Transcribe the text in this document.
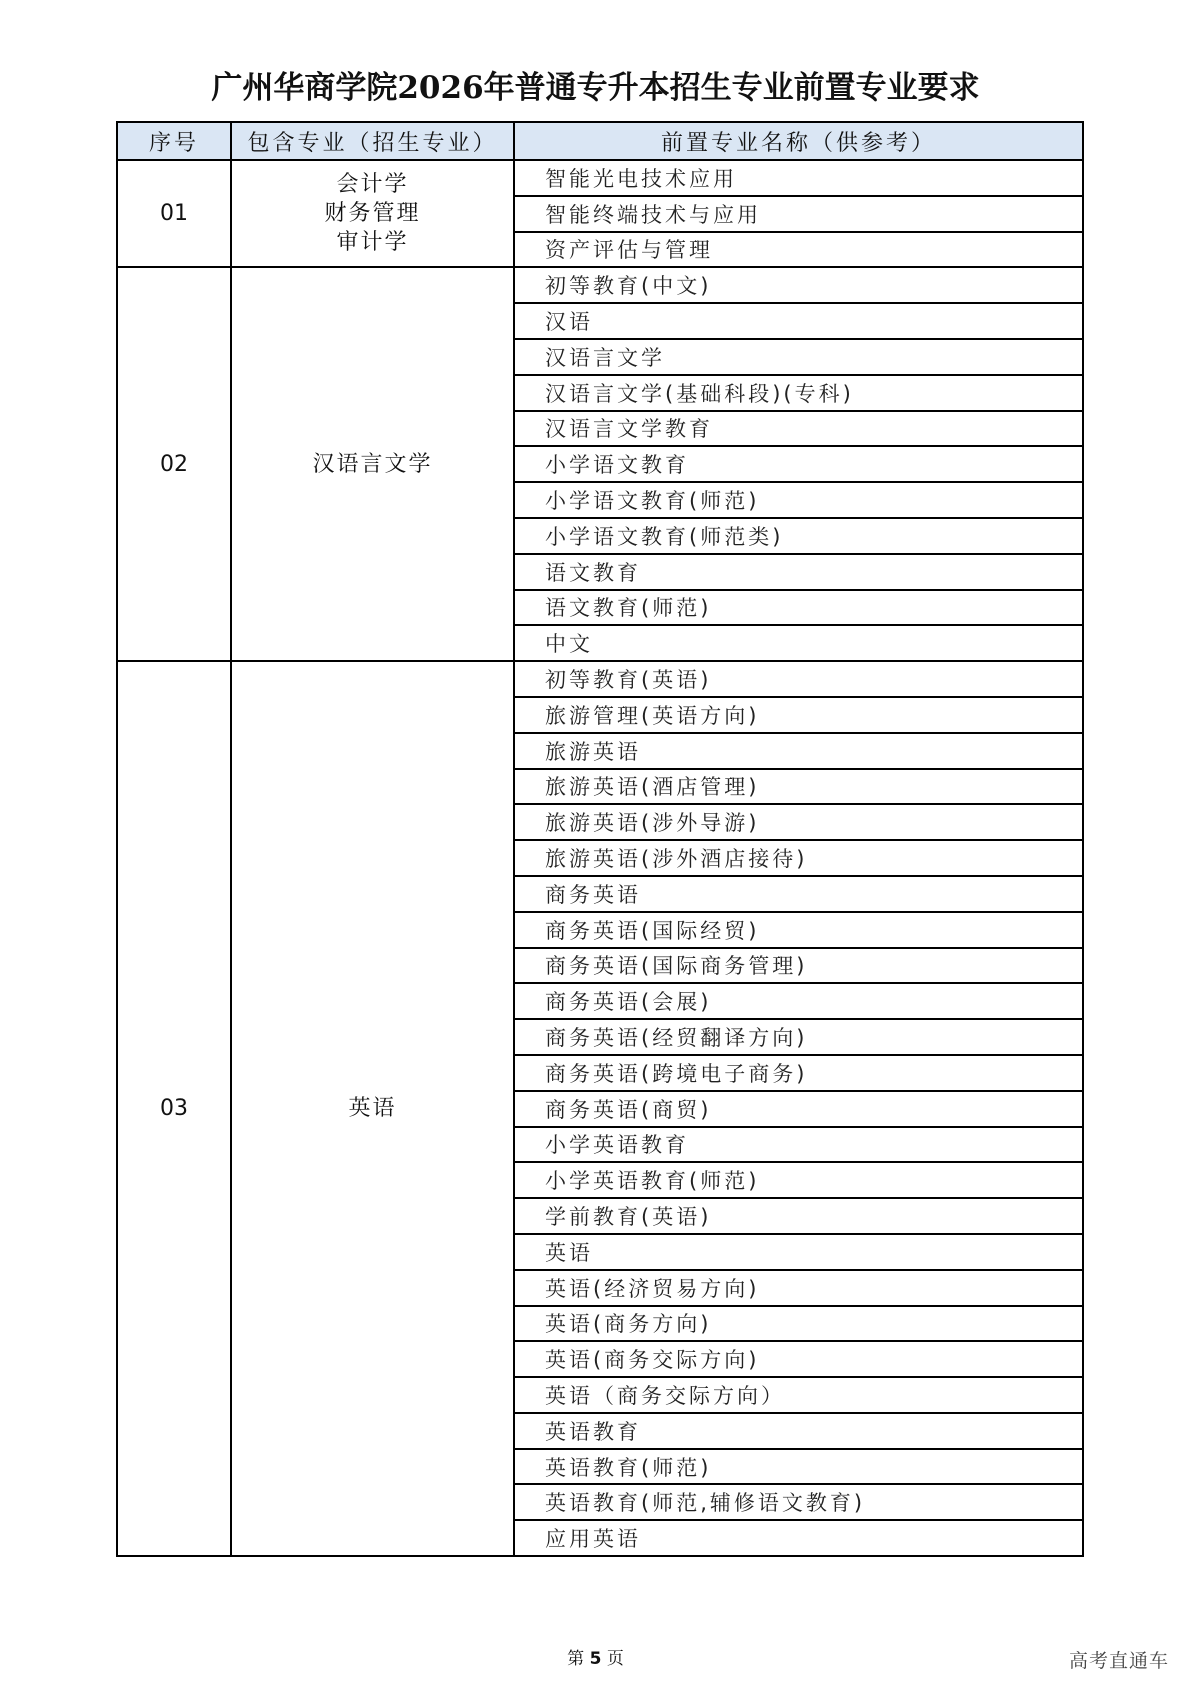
广州华商学院2026年普通专升本招生专业前置专业要求
序号	包含专业（招生专业）	前置专业名称（供参考）
01	会计学
财务管理
审计学	智能光电技术应用
		智能终端技术与应用
		资产评估与管理
02	汉语言文学	初等教育(中文)
		汉语
		汉语言文学
		汉语言文学(基础科段)(专科)
		汉语言文学教育
		小学语文教育
		小学语文教育(师范)
		小学语文教育(师范类)
		语文教育
		语文教育(师范)
		中文
03	英语	初等教育(英语)
		旅游管理(英语方向)
		旅游英语
		旅游英语(酒店管理)
		旅游英语(涉外导游)
		旅游英语(涉外酒店接待)
		商务英语
		商务英语(国际经贸)
		商务英语(国际商务管理)
		商务英语(会展)
		商务英语(经贸翻译方向)
		商务英语(跨境电子商务)
		商务英语(商贸)
		小学英语教育
		小学英语教育(师范)
		学前教育(英语)
		英语
		英语(经济贸易方向)
		英语(商务方向)
		英语(商务交际方向)
		英语（商务交际方向）
		英语教育
		英语教育(师范)
		英语教育(师范,辅修语文教育)
		应用英语
第 5 页	高考直通车
